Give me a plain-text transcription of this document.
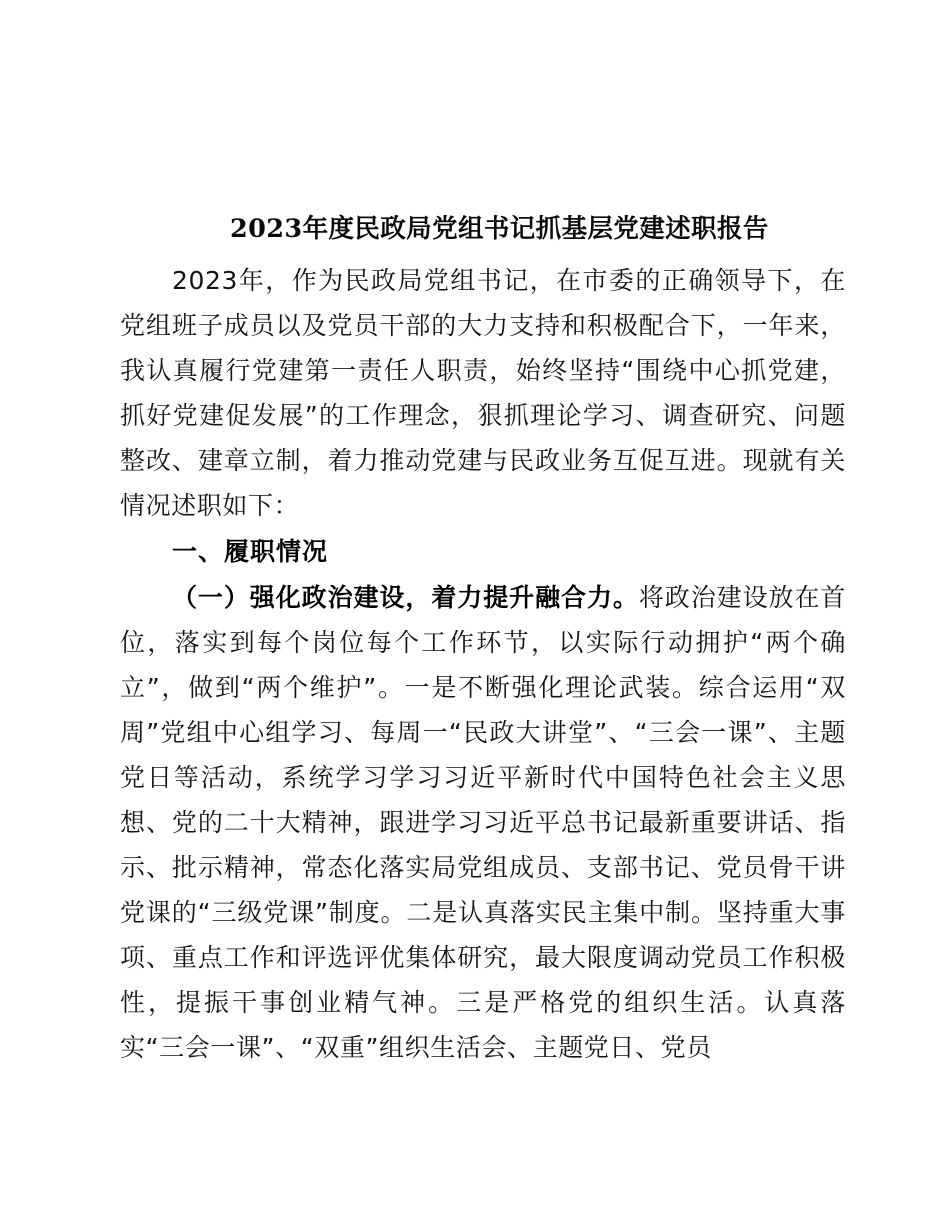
2023年度民政局党组书记抓基层党建述职报告

2023年，作为民政局党组书记，在市委的正确领导下，在党组班子成员以及党员干部的大力支持和积极配合下，一年来，我认真履行党建第一责任人职责，始终坚持“围绕中心抓党建，抓好党建促发展”的工作理念，狠抓理论学习、调查研究、问题整改、建章立制，着力推动党建与民政业务互促互进。现就有关情况述职如下：

一、履职情况

（一）强化政治建设，着力提升融合力。将政治建设放在首位，落实到每个岗位每个工作环节，以实际行动拥护“两个确立”，做到“两个维护”。一是不断强化理论武装。综合运用“双周”党组中心组学习、每周一“民政大讲堂”、“三会一课”、主题党日等活动，系统学习学习习近平新时代中国特色社会主义思想、党的二十大精神，跟进学习习近平总书记最新重要讲话、指示、批示精神，常态化落实局党组成员、支部书记、党员骨干讲党课的“三级党课”制度。二是认真落实民主集中制。坚持重大事项、重点工作和评选评优集体研究，最大限度调动党员工作积极性，提振干事创业精气神。三是严格党的组织生活。认真落实“三会一课”、“双重”组织生活会、主题党日、党员
